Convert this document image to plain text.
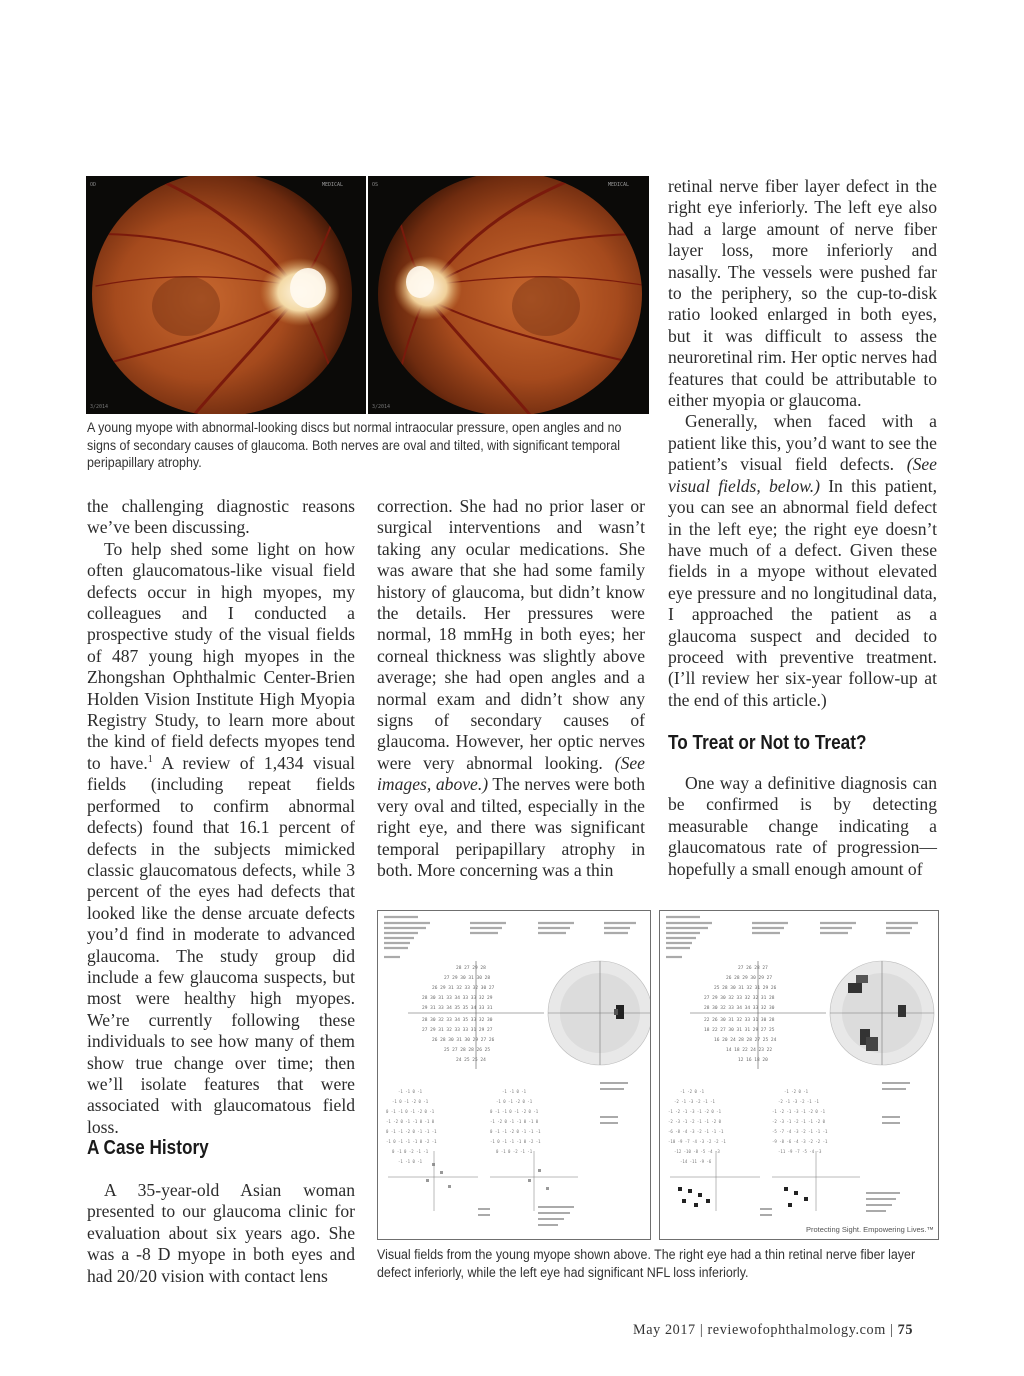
OD	MEDICAL
3/2014
OS	MEDICAL
3/2014
A young myope with abnormal-looking discs but normal intraocular pressure, open angles and no signs of secondary causes of glaucoma. Both nerves are oval and tilted, with significant temporal peripapillary atrophy.

the challenging diagnostic reasons we’ve been discussing.

To help shed some light on how often glaucomatous-like visual field defects occur in high myopes, my colleagues and I conducted a prospective study of the visual fields of 487 young high myopes in the Zhongshan Ophthalmic Center-Brien Holden Vision Institute High Myopia Registry Study, to learn more about the kind of field defects myopes tend to have.$^1$ A review of 1,434 visual fields (including repeat fields performed to confirm abnormal defects) found that 16.1 percent of defects in the subjects mimicked classic glaucomatous defects, while 3 percent of the eyes had defects that looked like the dense arcuate defects you’d find in moderate to advanced glaucoma. The study group did include a few glaucoma suspects, but most were healthy high myopes. We’re currently following these individuals to see how many of them show true change over time; then we’ll isolate features that were associated with glaucomatous field loss.

A Case History

A 35-year-old Asian woman presented to our glaucoma clinic for evaluation about six years ago. She was a -8 D myope in both eyes and had 20/20 vision with contact lens

correction. She had no prior laser or surgical interventions and wasn’t taking any ocular medications. She was aware that she had some family history of glaucoma, but didn’t know the details. Her pressures were normal, 18 mmHg in both eyes; her corneal thickness was slightly above average; she had open angles and a normal exam and didn’t show any signs of secondary causes of glaucoma. However, her optic nerves were very abnormal looking. (See images, above.) The nerves were both very oval and tilted, especially in the right eye, and there was significant temporal peripapillary atrophy in both. More concerning was a thin

retinal nerve fiber layer defect in the right eye inferiorly. The left eye also had a large amount of nerve fiber layer loss, more inferiorly and nasally. The vessels were pushed far to the periphery, so the cup-to-disk ratio looked enlarged in both eyes, but it was difficult to assess the neuroretinal rim. Her optic nerves had features that could be attributable to either myopia or glaucoma.

Generally, when faced with a patient like this, you’d want to see the patient’s visual field defects. (See visual fields, below.) In this patient, you can see an abnormal field defect in the left eye; the right eye doesn’t have much of a defect. Given these fields in a myope without elevated eye pressure and no longitudinal data, I approached the patient as a glaucoma suspect and decided to proceed with preventive treatment. (I’ll review her six-year follow-up at the end of this article.)

To Treat or Not to Treat?

One way a definitive diagnosis can be confirmed is by detecting measurable change indicating a glaucomatous rate of progression—hopefully a small enough amount of

28 27 29 28
27 29 30 31 30 28
26 29 31 32 33 32 30 27
28 30 31 33 34 33 33 32 29
29 31 33 34 35 35 34 33 31
28 30 32 33 34 35 33 32 30
27 29 31 32 33 33 31 29 27
26 28 30 31 30 29 27 26
25 27 28 28 26 25
24 25 25 24
-1 -1 0 -1
-1 0 -1 -2 0 -1
0 -1 -1 0 -1 -2 0 -1
-1 -2 0 -1 -1 0 -1 0
0 -1 -1 -2 0 -1 -1 -1
-1 0 -1 -1 -1 0 -2 -1
0 -1 0 -2 -1 -1
-1 -1 0 -1
-1 -1 0 -1
-1 0 -1 -2 0 -1
0 -1 -1 0 -1 -2 0 -1
-1 -2 0 -1 -1 0 -1 0
0 -1 -1 -2 0 -1 -1 -1
-1 0 -1 -1 -1 0 -2 -1
0 -1 0 -2 -1 -1
27 26 28 27
26 28 29 30 29 27
25 28 30 31 32 31 29 26
27 29 30 32 33 32 32 31 28
28 30 32 33 34 34 33 32 30
22 26 30 31 32 33 31 30 28
18 22 27 30 31 31 29 27 25
16 20 24 28 28 27 25 24
14 18 22 24 23 22
12 16 18 20
-1 -2 0 -1
-2 -1 -3 -2 -1 -1
-1 -2 -1 -3 -1 -2 0 -1
-2 -3 -1 -2 -1 -1 -2 0
-6 -8 -4 -3 -2 -1 -1 -1
-10 -9 -7 -4 -3 -2 -2 -1
-12 -10 -8 -5 -4 -3
-14 -11 -9 -6
-1 -2 0 -1
-2 -1 -3 -2 -1 -1
-1 -2 -1 -3 -1 -2 0 -1
-2 -3 -1 -2 -1 -1 -2 0
-5 -7 -4 -3 -2 -1 -1 -1
-9 -8 -6 -4 -3 -2 -2 -1
-11 -9 -7 -5 -4 -3
Protecting Sight. Empowering Lives.™
Visual fields from the young myope shown above. The right eye had a thin retinal nerve fiber layer defect inferiorly, while the left eye had significant NFL loss inferiorly.
May 2017 | reviewofophthalmology.com | 75
